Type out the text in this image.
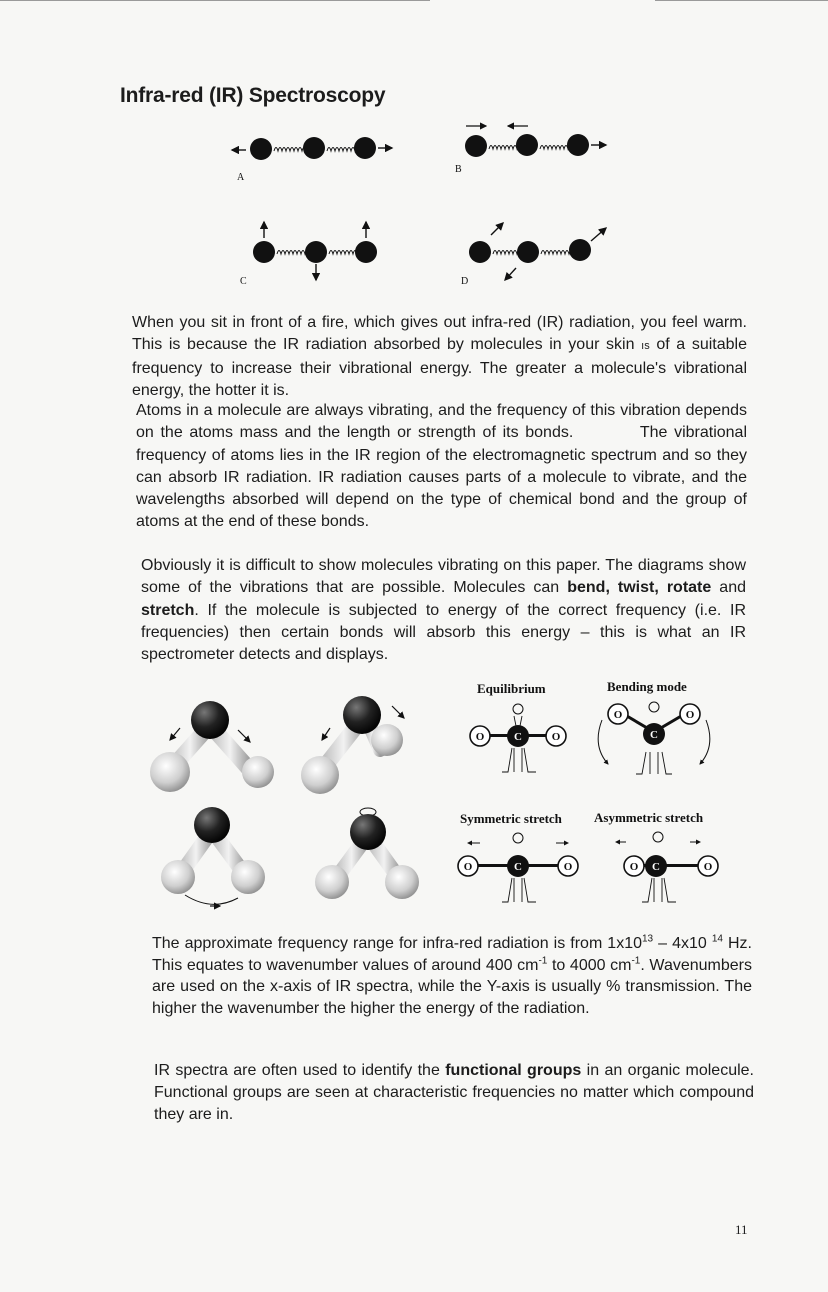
Infra-red (IR) Spectroscopy
A
B
C	D

When you sit in front of a fire, which gives out infra-red (IR) radiation, you feel warm. This is because the IR radiation absorbed by molecules in your skin ıs of a suitable frequency to increase their vibrational energy. The greater a molecule's vibrational energy, the hotter it is.

Atoms in a molecule are always vibrating, and the frequency of this vibration depends on the atoms mass and the length or strength of its bonds.          The vibrational frequency of atoms lies in the IR region of the electromagnetic spectrum and so they can absorb IR radiation. IR radiation causes parts of a molecule to vibrate, and the wavelengths absorbed will depend on the type of chemical bond and the group of atoms at the end of these bonds.

Obviously it is difficult to show molecules vibrating on this paper. The diagrams show some of the vibrations that are possible. Molecules can bend, twist, rotate and stretch. If the molecule is subjected to energy of the correct frequency (i.e. IR frequencies) then certain bonds will absorb this energy – this is what an IR spectrometer detects and displays.

Equilibrium	Bending mode
Symmetric stretch Asymmetric stretch
O	C	O
O
C
O
O	C	O	O C	O

The approximate frequency range for infra-red radiation is from $1x10^{13} - 4x10$ $^{14}$ Hz. This equates to wavenumber values of around 400 $cm^{-1}$ to 4000 $cm^{-1}$. Wavenumbers are used on the x-axis of IR spectra, while the Y-axis is usually % transmission. The higher the wavenumber the higher the energy of the radiation.

IR spectra are often used to identify the functional groups in an organic molecule. Functional groups are seen at characteristic frequencies no matter which compound they are in.

11
